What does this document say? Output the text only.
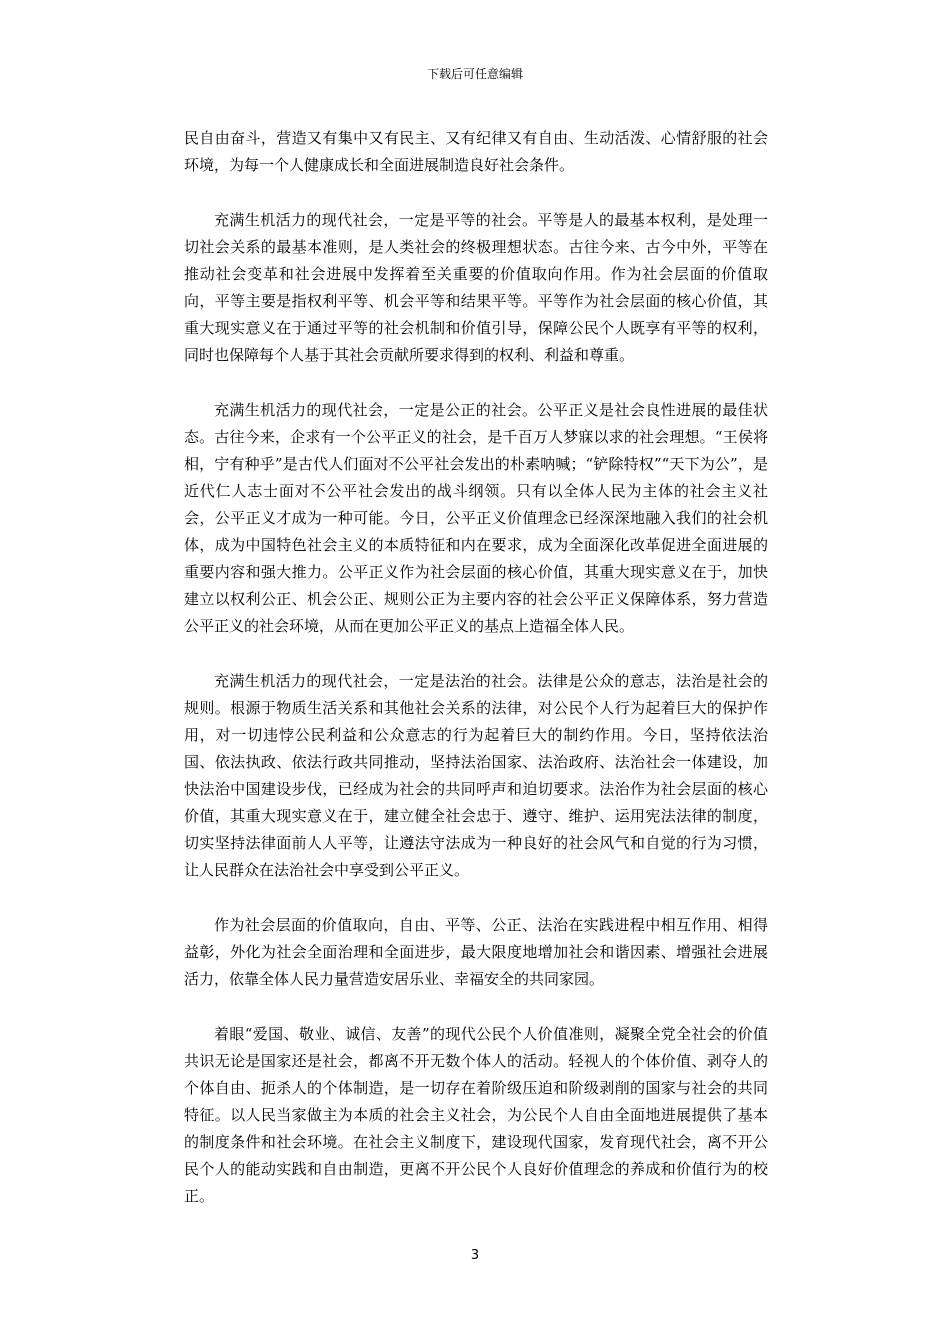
下载后可任意编辑

民自由奋斗，营造又有集中又有民主、又有纪律又有自由、生动活泼、心情舒服的社会环境，为每一个人健康成长和全面进展制造良好社会条件。

充满生机活力的现代社会，一定是平等的社会。平等是人的最基本权利，是处理一切社会关系的最基本准则，是人类社会的终极理想状态。古往今来、古今中外，平等在推动社会变革和社会进展中发挥着至关重要的价值取向作用。作为社会层面的价值取向，平等主要是指权利平等、机会平等和结果平等。平等作为社会层面的核心价值，其重大现实意义在于通过平等的社会机制和价值引导，保障公民个人既享有平等的权利，同时也保障每个人基于其社会贡献所要求得到的权利、利益和尊重。

充满生机活力的现代社会，一定是公正的社会。公平正义是社会良性进展的最佳状态。古往今来，企求有一个公平正义的社会，是千百万人梦寐以求的社会理想。“王侯将相，宁有种乎”是古代人们面对不公平社会发出的朴素呐喊；“铲除特权”“天下为公”，是近代仁人志士面对不公平社会发出的战斗纲领。只有以全体人民为主体的社会主义社会，公平正义才成为一种可能。今日，公平正义价值理念已经深深地融入我们的社会机体，成为中国特色社会主义的本质特征和内在要求，成为全面深化改革促进全面进展的重要内容和强大推力。公平正义作为社会层面的核心价值，其重大现实意义在于，加快建立以权利公正、机会公正、规则公正为主要内容的社会公平正义保障体系，努力营造公平正义的社会环境，从而在更加公平正义的基点上造福全体人民。

充满生机活力的现代社会，一定是法治的社会。法律是公众的意志，法治是社会的规则。根源于物质生活关系和其他社会关系的法律，对公民个人行为起着巨大的保护作用，对一切违悖公民利益和公众意志的行为起着巨大的制约作用。今日，坚持依法治国、依法执政、依法行政共同推动，坚持法治国家、法治政府、法治社会一体建设，加快法治中国建设步伐，已经成为社会的共同呼声和迫切要求。法治作为社会层面的核心价值，其重大现实意义在于，建立健全社会忠于、遵守、维护、运用宪法法律的制度，切实坚持法律面前人人平等，让遵法守法成为一种良好的社会风气和自觉的行为习惯，让人民群众在法治社会中享受到公平正义。

作为社会层面的价值取向，自由、平等、公正、法治在实践进程中相互作用、相得益彰，外化为社会全面治理和全面进步，最大限度地增加社会和谐因素、增强社会进展活力，依靠全体人民力量营造安居乐业、幸福安全的共同家园。

着眼“爱国、敬业、诚信、友善”的现代公民个人价值准则，凝聚全党全社会的价值共识无论是国家还是社会，都离不开无数个体人的活动。轻视人的个体价值、剥夺人的个体自由、扼杀人的个体制造，是一切存在着阶级压迫和阶级剥削的国家与社会的共同特征。以人民当家做主为本质的社会主义社会，为公民个人自由全面地进展提供了基本的制度条件和社会环境。在社会主义制度下，建设现代国家，发育现代社会，离不开公民个人的能动实践和自由制造，更离不开公民个人良好价值理念的养成和价值行为的校正。

3
